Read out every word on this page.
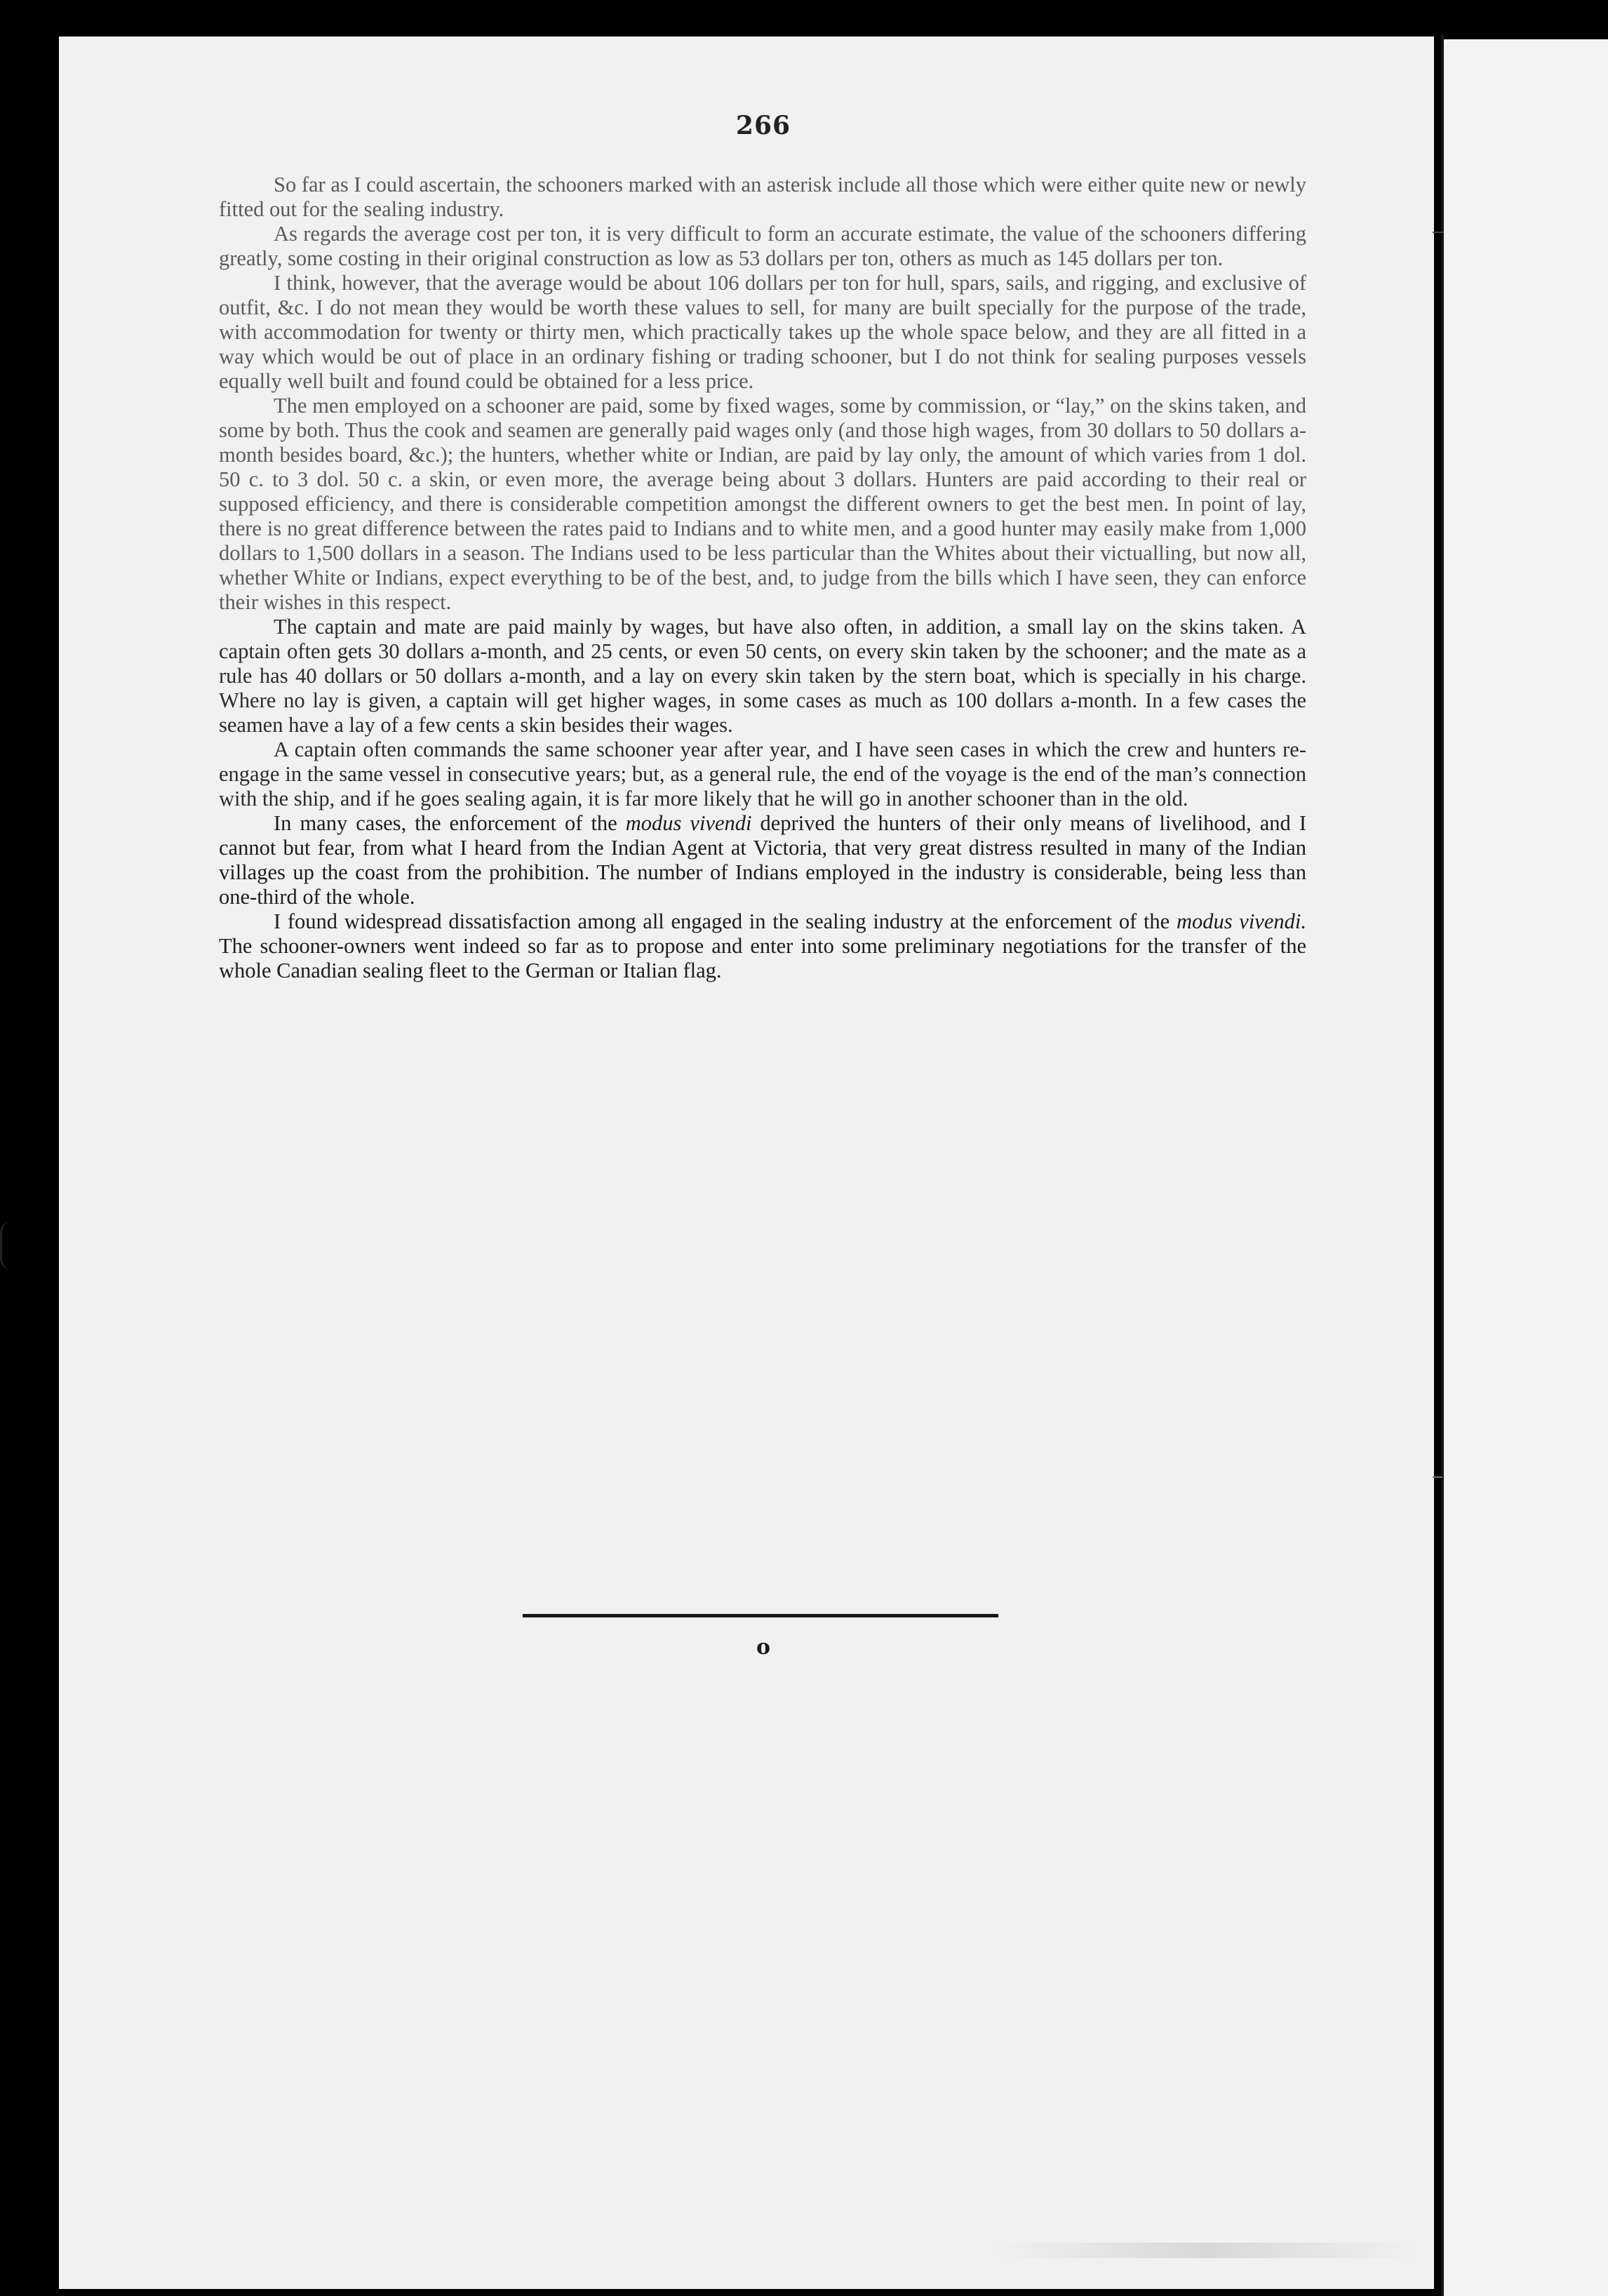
266

So far as I could ascertain, the schooners marked with an asterisk include all those which were either quite new or newly fitted out for the sealing industry.

As regards the average cost per ton, it is very difficult to form an accurate estimate, the value of the schooners differing greatly, some costing in their original construction as low as 53 dollars per ton, others as much as 145 dollars per ton.

I think, however, that the average would be about 106 dollars per ton for hull, spars, sails, and rigging, and exclusive of outfit, &c. I do not mean they would be worth these values to sell, for many are built specially for the purpose of the trade, with accommodation for twenty or thirty men, which practically takes up the whole space below, and they are all fitted in a way which would be out of place in an ordinary fishing or trading schooner, but I do not think for sealing purposes vessels equally well built and found could be obtained for a less price.

The men employed on a schooner are paid, some by fixed wages, some by commission, or “lay,” on the skins taken, and some by both. Thus the cook and seamen are generally paid wages only (and those high wages, from 30 dollars to 50 dollars a-month besides board, &c.); the hunters, whether white or Indian, are paid by lay only, the amount of which varies from 1 dol. 50 c. to 3 dol. 50 c. a skin, or even more, the average being about 3 dollars. Hunters are paid according to their real or supposed efficiency, and there is considerable competition amongst the different owners to get the best men. In point of lay, there is no great difference between the rates paid to Indians and to white men, and a good hunter may easily make from 1,000 dollars to 1,500 dollars in a season. The Indians used to be less particular than the Whites about their victualling, but now all, whether White or Indians, expect everything to be of the best, and, to judge from the bills which I have seen, they can enforce their wishes in this respect.

The captain and mate are paid mainly by wages, but have also often, in addition, a small lay on the skins taken. A captain often gets 30 dollars a-month, and 25 cents, or even 50 cents, on every skin taken by the schooner; and the mate as a rule has 40 dollars or 50 dollars a-month, and a lay on every skin taken by the stern boat, which is specially in his charge. Where no lay is given, a captain will get higher wages, in some cases as much as 100 dollars a-month. In a few cases the seamen have a lay of a few cents a skin besides their wages.

A captain often commands the same schooner year after year, and I have seen cases in which the crew and hunters re-engage in the same vessel in consecutive years; but, as a general rule, the end of the voyage is the end of the man’s connection with the ship, and if he goes sealing again, it is far more likely that he will go in another schooner than in the old.

In many cases, the enforcement of the modus vivendi deprived the hunters of their only means of livelihood, and I cannot but fear, from what I heard from the Indian Agent at Victoria, that very great distress resulted in many of the Indian villages up the coast from the prohibition. The number of Indians employed in the industry is considerable, being less than one-third of the whole.

I found widespread dissatisfaction among all engaged in the sealing industry at the enforcement of the modus vivendi. The schooner-owners went indeed so far as to propose and enter into some preliminary negotiations for the transfer of the whole Canadian sealing fleet to the German or Italian flag.

o
